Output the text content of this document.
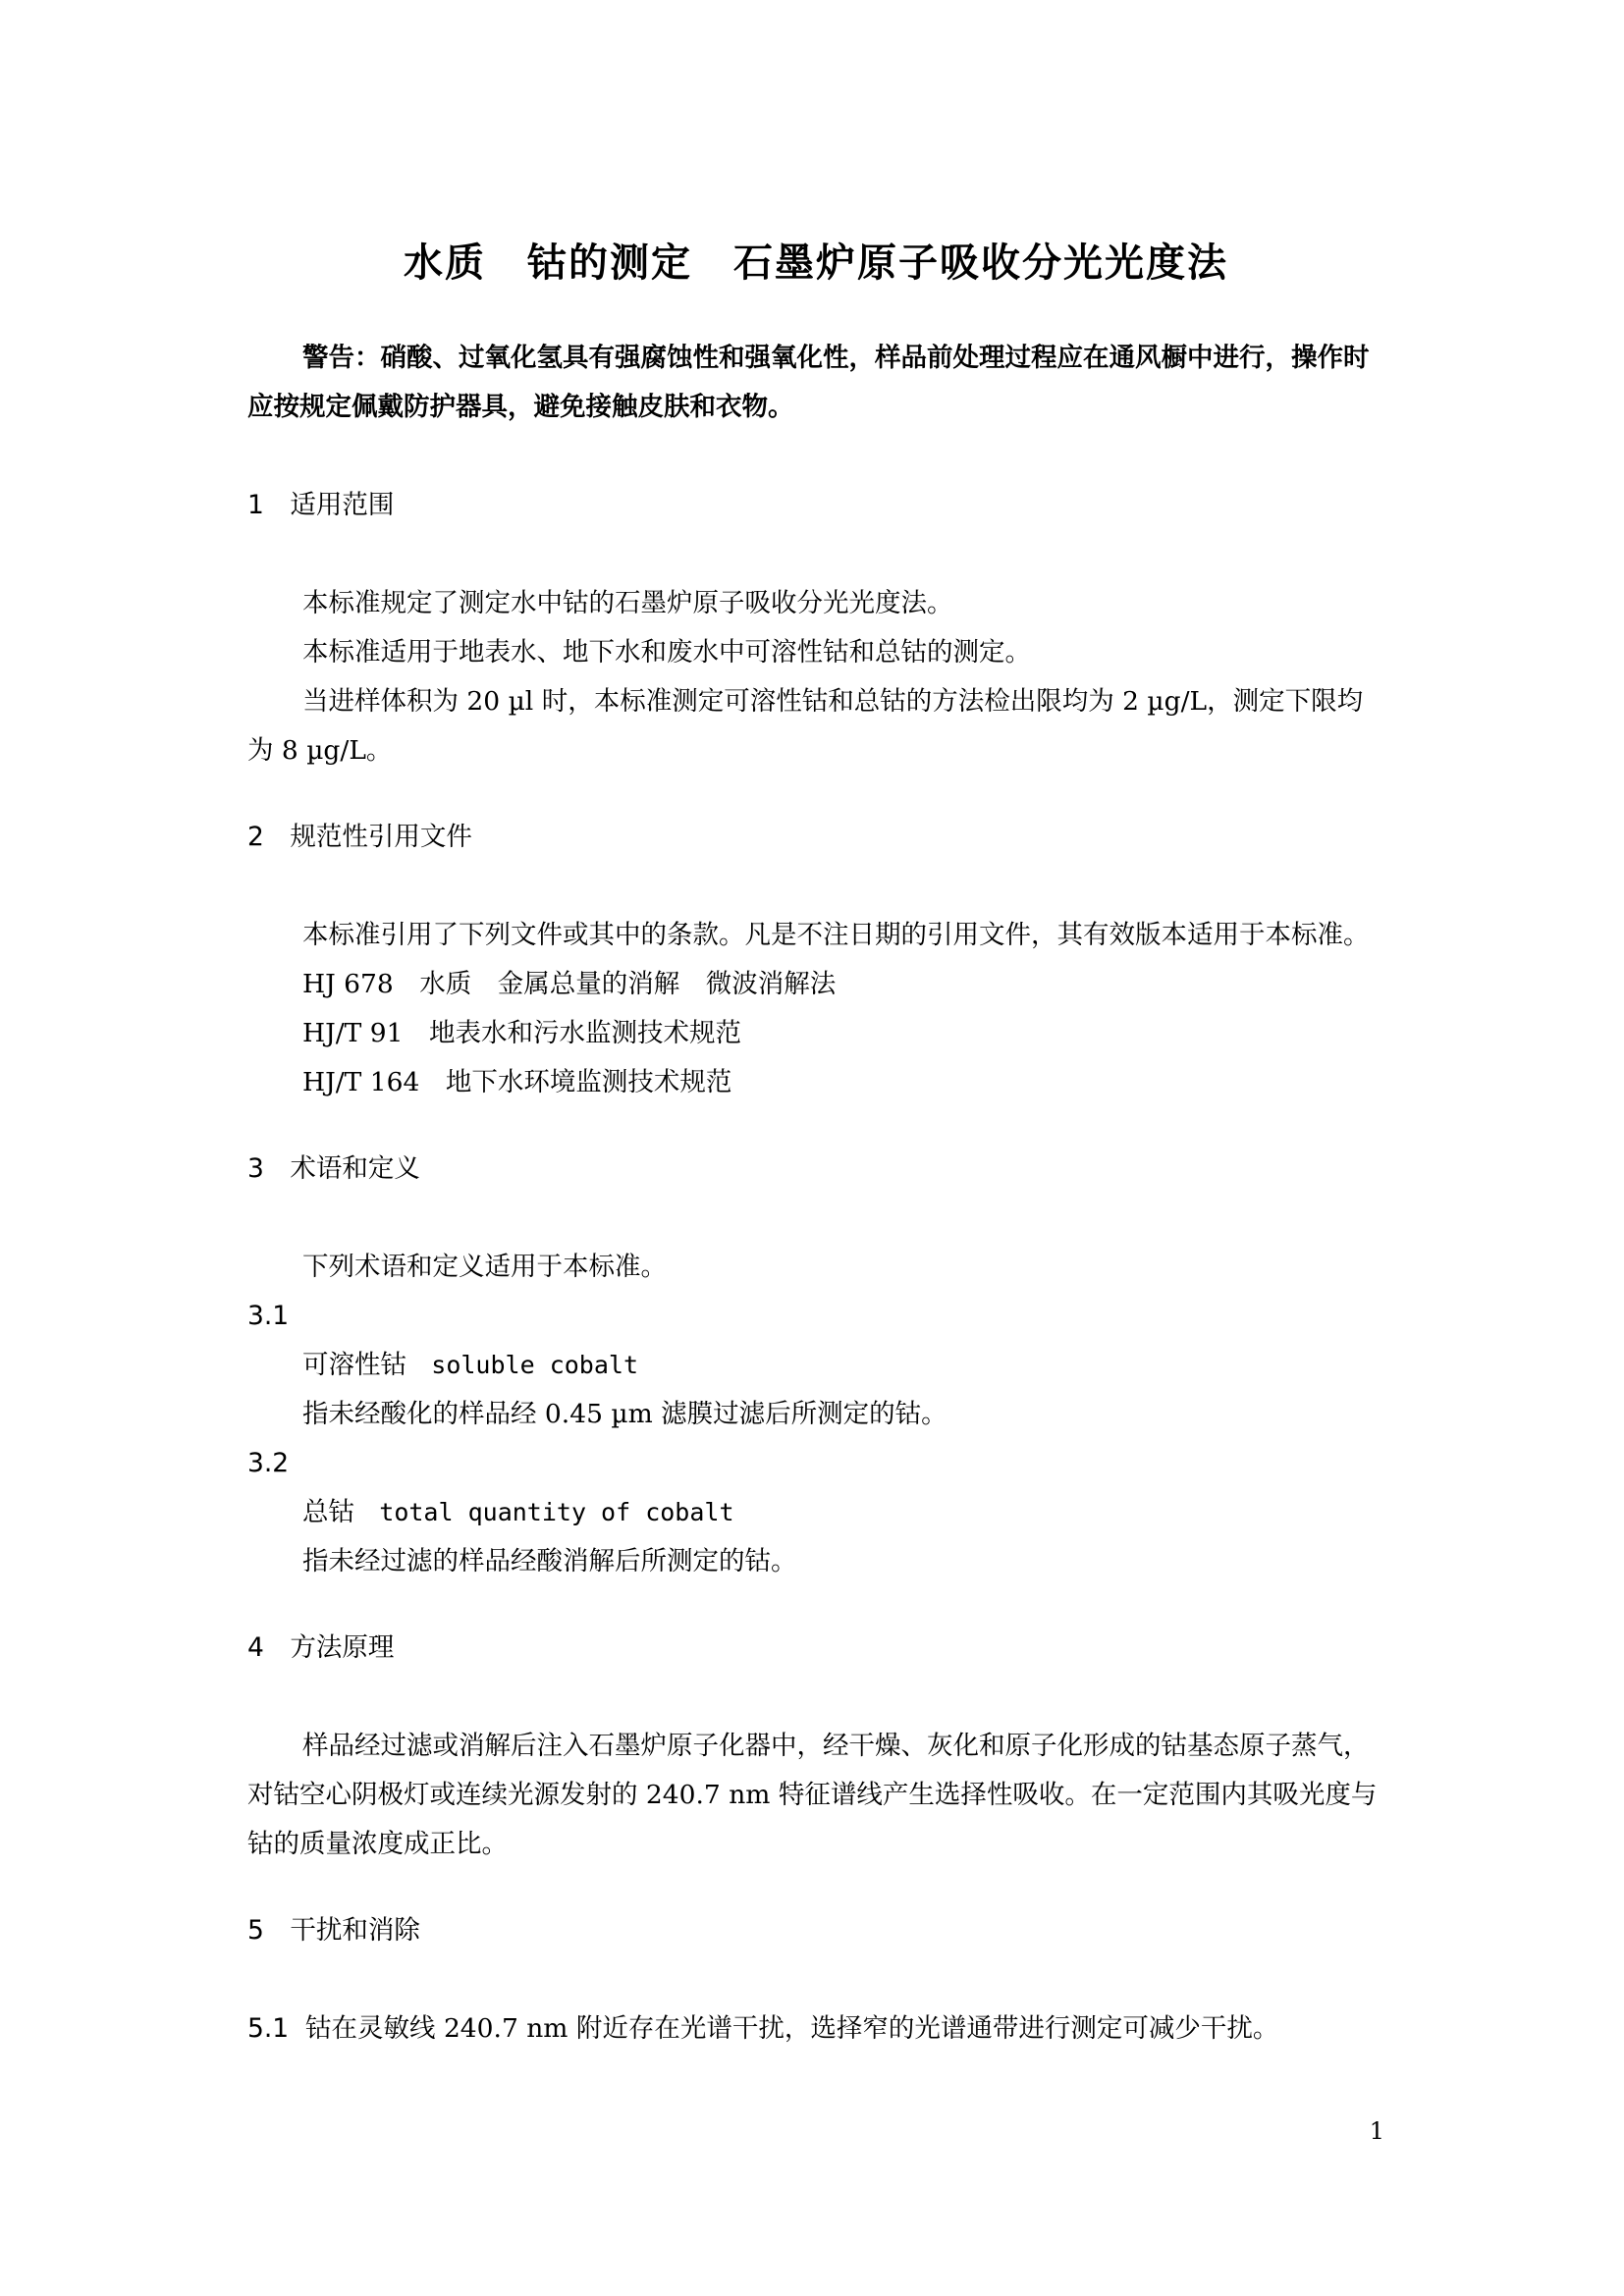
水质　钴的测定　石墨炉原子吸收分光光度法

警告：硝酸、过氧化氢具有强腐蚀性和强氧化性，样品前处理过程应在通风橱中进行，操作时应按规定佩戴防护器具，避免接触皮肤和衣物。

1　适用范围

本标准规定了测定水中钴的石墨炉原子吸收分光光度法。

本标准适用于地表水、地下水和废水中可溶性钴和总钴的测定。

当进样体积为 20 µl 时，本标准测定可溶性钴和总钴的方法检出限均为 2 µg/L，测定下限均为 8 µg/L。

2　规范性引用文件

本标准引用了下列文件或其中的条款。凡是不注日期的引用文件，其有效版本适用于本标准。

HJ 678　水质　金属总量的消解　微波消解法
HJ/T 91　地表水和污水监测技术规范
HJ/T 164　地下水环境监测技术规范
3　术语和定义

下列术语和定义适用于本标准。

3.1
可溶性钴 soluble cobalt
指未经酸化的样品经 0.45 µm 滤膜过滤后所测定的钴。
3.2
总钴 total quantity of cobalt
指未经过滤的样品经酸消解后所测定的钴。
4　方法原理

样品经过滤或消解后注入石墨炉原子化器中，经干燥、灰化和原子化形成的钴基态原子蒸气，对钴空心阴极灯或连续光源发射的 240.7 nm 特征谱线产生选择性吸收。在一定范围内其吸光度与钴的质量浓度成正比。

5　干扰和消除
5.1 钴在灵敏线 240.7 nm 附近存在光谱干扰，选择窄的光谱通带进行测定可减少干扰。
1
